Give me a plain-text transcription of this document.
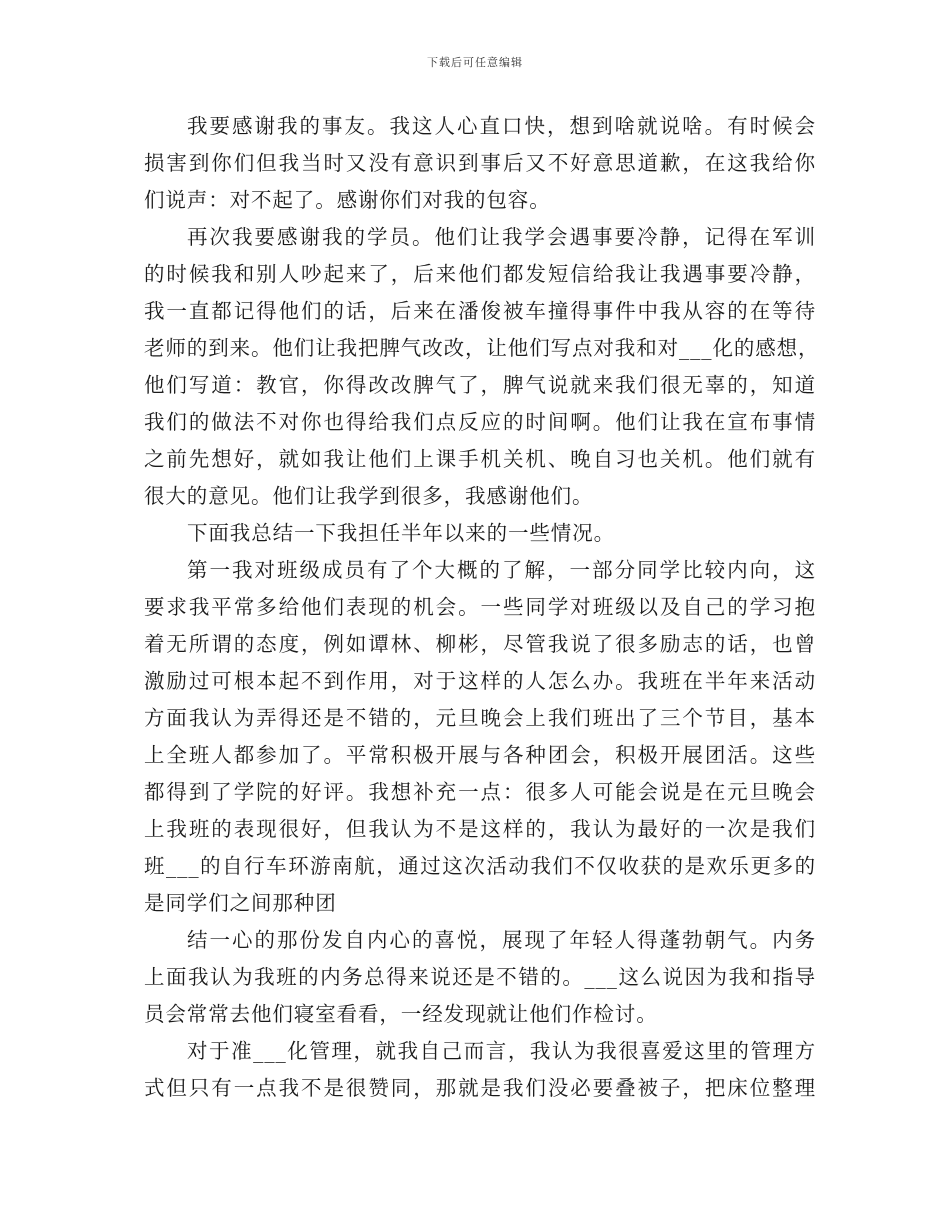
下载后可任意编辑
我要感谢我的事友。我这人心直口快，想到啥就说啥。有时候会
损害到你们但我当时又没有意识到事后又不好意思道歉，在这我给你
们说声：对不起了。感谢你们对我的包容。
再次我要感谢我的学员。他们让我学会遇事要冷静，记得在军训
的时候我和别人吵起来了，后来他们都发短信给我让我遇事要冷静，
我一直都记得他们的话，后来在潘俊被车撞得事件中我从容的在等待
老师的到来。他们让我把脾气改改，让他们写点对我和对___化的感想，
他们写道：教官，你得改改脾气了，脾气说就来我们很无辜的，知道
我们的做法不对你也得给我们点反应的时间啊。他们让我在宣布事情
之前先想好，就如我让他们上课手机关机、晚自习也关机。他们就有
很大的意见。他们让我学到很多，我感谢他们。
下面我总结一下我担任半年以来的一些情况。
第一我对班级成员有了个大概的了解，一部分同学比较内向，这
要求我平常多给他们表现的机会。一些同学对班级以及自己的学习抱
着无所谓的态度，例如谭林、柳彬，尽管我说了很多励志的话，也曾
激励过可根本起不到作用，对于这样的人怎么办。我班在半年来活动
方面我认为弄得还是不错的，元旦晚会上我们班出了三个节目，基本
上全班人都参加了。平常积极开展与各种团会，积极开展团活。这些
都得到了学院的好评。我想补充一点：很多人可能会说是在元旦晚会
上我班的表现很好，但我认为不是这样的，我认为最好的一次是我们
班___的自行车环游南航，通过这次活动我们不仅收获的是欢乐更多的
是同学们之间那种团
结一心的那份发自内心的喜悦，展现了年轻人得蓬勃朝气。内务
上面我认为我班的内务总得来说还是不错的。___这么说因为我和指导
员会常常去他们寝室看看，一经发现就让他们作检讨。
对于准___化管理，就我自己而言，我认为我很喜爱这里的管理方
式但只有一点我不是很赞同，那就是我们没必要叠被子，把床位整理
